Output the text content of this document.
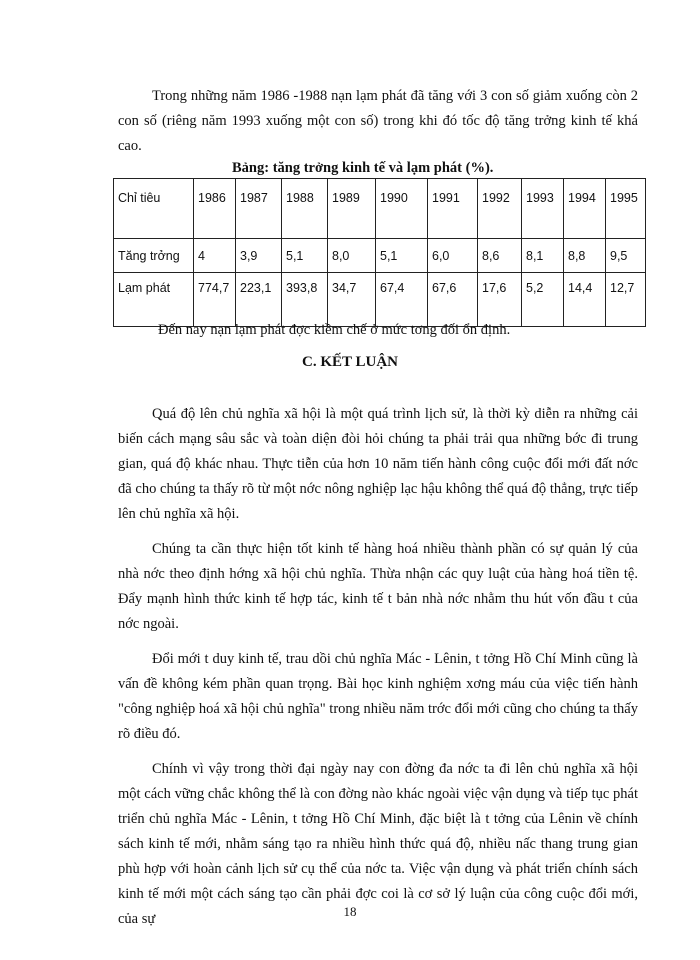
Trong những năm 1986 -1988 nạn lạm phát đã tăng với 3 con số giảm xuống còn 2 con số (riêng năm 1993 xuống một con số) trong khi đó tốc độ tăng trởng kinh tế khá cao.

Bảng: tăng trởng kinh tế và lạm phát (%).

Chỉ tiêu	1986	1987	1988	1989	1990	1991	1992	1993	1994	1995
Tăng trởng	4	3,9	5,1	8,0	5,1	6,0	8,6	8,1	8,8	9,5
Lạm phát	774,7	223,1	393,8	34,7	67,4	67,6	17,6	5,2	14,4	12,7

Đến nay nạn lạm phát đợc kiềm chế ở mức tơng đối ổn định.

C. KẾT LUẬN

Quá độ lên chủ nghĩa xã hội là một quá trình lịch sử, là thời kỳ diễn ra những cải biến cách mạng sâu sắc và toàn diện đòi hỏi chúng ta phải trải qua những bớc đi trung gian, quá độ khác nhau. Thực tiễn của hơn 10 năm tiến hành công cuộc đổi mới đất nớc đã cho chúng ta thấy rõ từ một nớc nông nghiệp lạc hậu không thể quá độ thẳng, trực tiếp lên chủ nghĩa xã hội.

Chúng ta cần thực hiện tốt kinh tế hàng hoá nhiều thành phần có sự quản lý của nhà nớc theo định hớng xã hội chủ nghĩa. Thừa nhận các quy luật của hàng hoá tiền tệ. Đẩy mạnh hình thức kinh tế hợp tác, kinh tế t bản nhà nớc nhằm thu hút vốn đầu t của nớc ngoài.

Đổi mới t duy kinh tế, trau dồi chủ nghĩa Mác - Lênin, t tởng Hồ Chí Minh cũng là vấn đề không kém phần quan trọng. Bài học kinh nghiệm xơng máu của việc tiến hành "công nghiệp hoá xã hội chủ nghĩa" trong nhiều năm trớc đổi mới cũng cho chúng ta thấy rõ điều đó.

Chính vì vậy trong thời đại ngày nay con đờng đa nớc ta đi lên chủ nghĩa xã hội một cách vững chắc không thể là con đờng nào khác ngoài việc vận dụng và tiếp tục phát triển chủ nghĩa Mác - Lênin, t tởng Hồ Chí Minh, đặc biệt là t tởng của Lênin về chính sách kinh tế mới, nhằm sáng tạo ra nhiều hình thức quá độ, nhiều nấc thang trung gian phù hợp với hoàn cảnh lịch sử cụ thể của nớc ta. Việc vận dụng và phát triển chính sách kinh tế mới một cách sáng tạo cần phải đợc coi là cơ sở lý luận của công cuộc đổi mới, của sự	18
